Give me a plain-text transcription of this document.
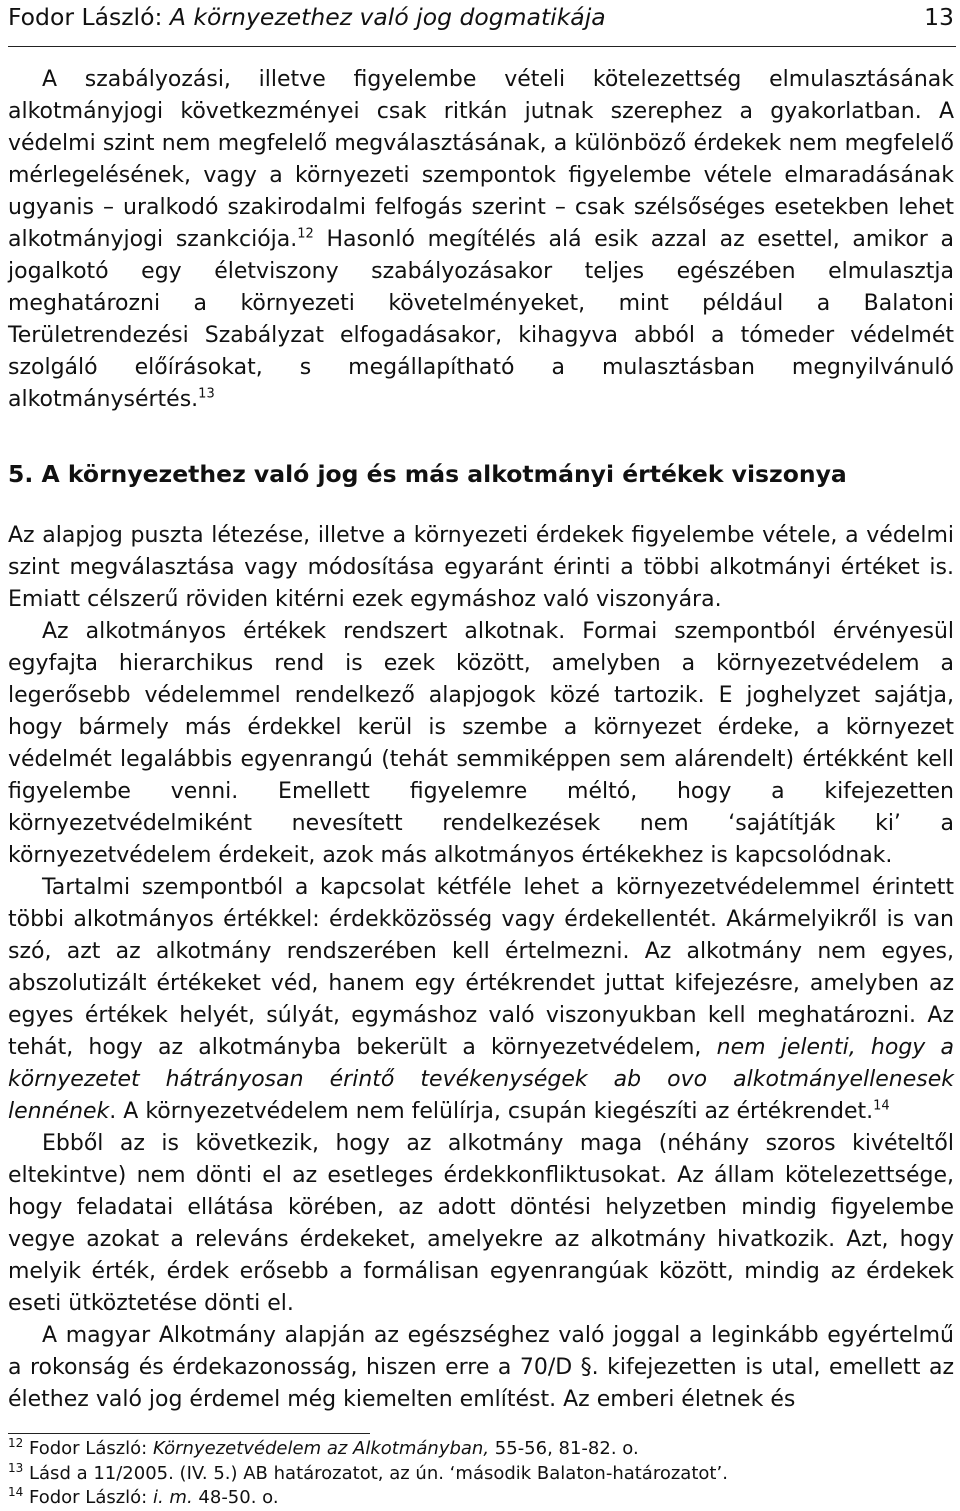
Fodor László: A környezethez való jog dogmatikája	13

A szabályozási, illetve figyelembe vételi kötelezettség elmulasztásának alkotmányjogi következményei csak ritkán jutnak szerephez a gyakorlatban. A védelmi szint nem megfelelő megválasztásának, a különböző érdekek nem megfelelő mérlegelésének, vagy a környezeti szempontok figyelembe vétele elmaradásának ugyanis – uralkodó szakirodalmi felfogás szerint – csak szélsőséges esetekben lehet alkotmányjogi szankciója.$^{12}$ Hasonló megítélés alá esik azzal az esettel, amikor a jogalkotó egy életviszony szabályozásakor teljes egészében elmulasztja meghatározni a környezeti követelményeket, mint például a Balatoni Területrendezési Szabályzat elfogadásakor, kihagyva abból a tómeder védelmét szolgáló előírásokat, s megállapítható a mulasztásban megnyilvánuló alkotmánysértés.$^{13}$

5. A környezethez való jog és más alkotmányi értékek viszonya

Az alapjog puszta létezése, illetve a környezeti érdekek figyelembe vétele, a védelmi szint megválasztása vagy módosítása egyaránt érinti a többi alkotmányi értéket is. Emiatt célszerű röviden kitérni ezek egymáshoz való viszonyára.

Az alkotmányos értékek rendszert alkotnak. Formai szempontból érvényesül egyfajta hierarchikus rend is ezek között, amelyben a környezetvédelem a legerősebb védelemmel rendelkező alapjogok közé tartozik. E joghelyzet sajátja, hogy bármely más érdekkel kerül is szembe a környezet érdeke, a környezet védelmét legalábbis egyenrangú (tehát semmiképpen sem alárendelt) értékként kell figyelembe venni. Emellett figyelemre méltó, hogy a kifejezetten környezetvédelmiként nevesített rendelkezések nem ‘sajátítják ki’ a környezetvédelem érdekeit, azok más alkotmányos értékekhez is kapcsolódnak.

Tartalmi szempontból a kapcsolat kétféle lehet a környezetvédelemmel érintett többi alkotmányos értékkel: érdekközösség vagy érdekellentét. Akármelyikről is van szó, azt az alkotmány rendszerében kell értelmezni. Az alkotmány nem egyes, abszolutizált értékeket véd, hanem egy értékrendet juttat kifejezésre, amelyben az egyes értékek helyét, súlyát, egymáshoz való viszonyukban kell meghatározni. Az tehát, hogy az alkotmányba bekerült a környezetvédelem, nem jelenti, hogy a környezetet hátrányosan érintő tevékenységek ab ovo alkotmányellenesek lennének. A környezetvédelem nem felülírja, csupán kiegészíti az értékrendet.$^{14}$

Ebből az is következik, hogy az alkotmány maga (néhány szoros kivételtől eltekintve) nem dönti el az esetleges érdekkonfliktusokat. Az állam kötelezettsége, hogy feladatai ellátása körében, az adott döntési helyzetben mindig figyelembe vegye azokat a releváns érdekeket, amelyekre az alkotmány hivatkozik. Azt, hogy melyik érték, érdek erősebb a formálisan egyenrangúak között, mindig az érdekek eseti ütköztetése dönti el.

A magyar Alkotmány alapján az egészséghez való joggal a leginkább egyértelmű a rokonság és érdekazonosság, hiszen erre a 70/D §. kifejezetten is utal, emellett az élethez való jog érdemel még kiemelten említést. Az emberi életnek és

$^{12}$ Fodor László: Környezetvédelem az Alkotmányban, 55-56, 81-82. o.
$^{13}$ Lásd a 11/2005. (IV. 5.) AB határozatot, az ún. ‘második Balaton-határozatot’.
$^{14}$ Fodor László: i. m. 48-50. o.
